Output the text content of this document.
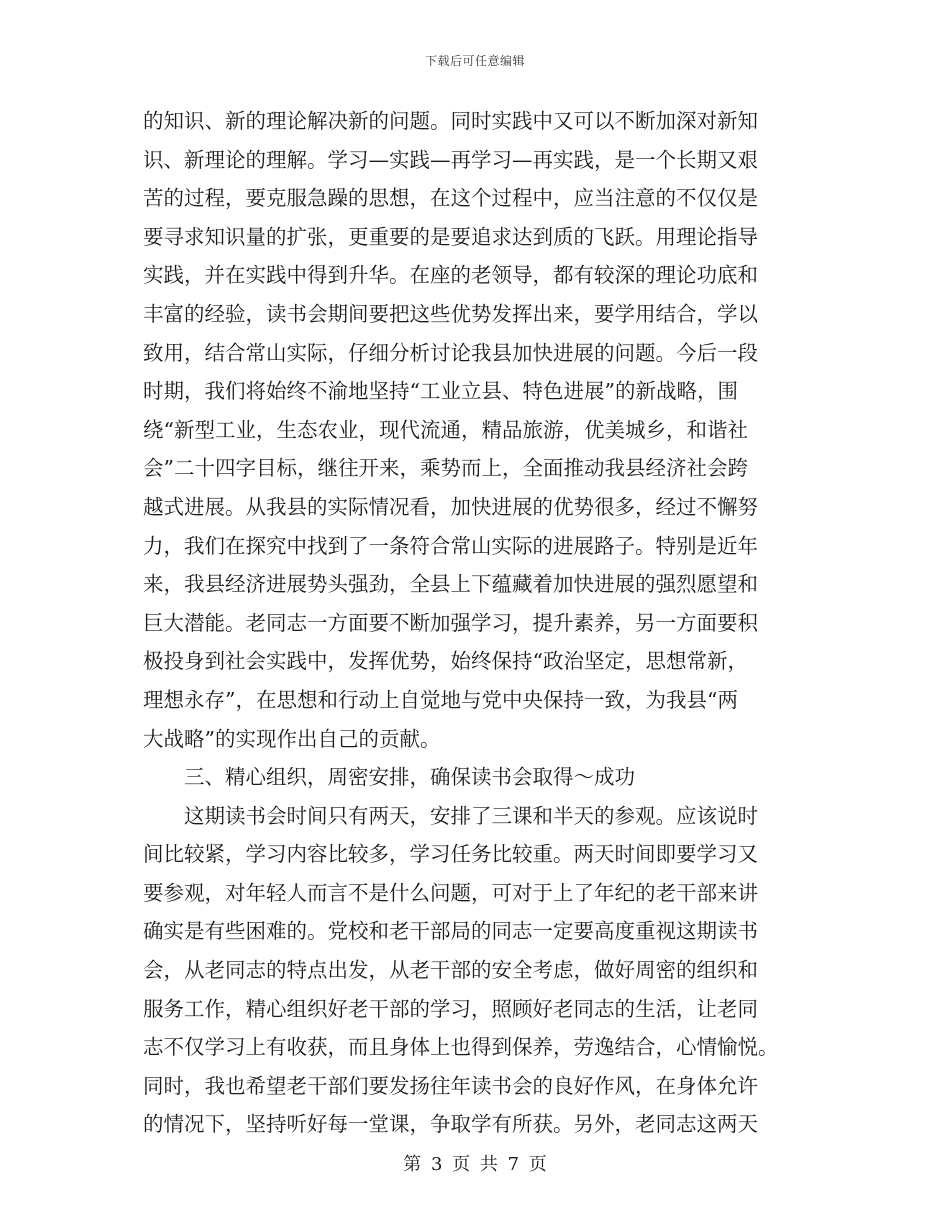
下载后可任意编辑
的知识、新的理论解决新的问题。同时实践中又可以不断加深对新知
识、新理论的理解。学习—实践—再学习—再实践，是一个长期又艰
苦的过程，要克服急躁的思想，在这个过程中，应当注意的不仅仅是
要寻求知识量的扩张，更重要的是要追求达到质的飞跃。用理论指导
实践，并在实践中得到升华。在座的老领导，都有较深的理论功底和
丰富的经验，读书会期间要把这些优势发挥出来，要学用结合，学以
致用，结合常山实际，仔细分析讨论我县加快进展的问题。今后一段
时期，我们将始终不渝地坚持“工业立县、特色进展”的新战略，围
绕“新型工业，生态农业，现代流通，精品旅游，优美城乡，和谐社
会”二十四字目标，继往开来，乘势而上，全面推动我县经济社会跨
越式进展。从我县的实际情况看，加快进展的优势很多，经过不懈努
力，我们在探究中找到了一条符合常山实际的进展路子。特别是近年
来，我县经济进展势头强劲，全县上下蕴藏着加快进展的强烈愿望和
巨大潜能。老同志一方面要不断加强学习，提升素养，另一方面要积
极投身到社会实践中，发挥优势，始终保持“政治坚定，思想常新，
理想永存”，在思想和行动上自觉地与党中央保持一致，为我县“两
大战略”的实现作出自己的贡献。
三、精心组织，周密安排，确保读书会取得～成功
这期读书会时间只有两天，安排了三课和半天的参观。应该说时
间比较紧，学习内容比较多，学习任务比较重。两天时间即要学习又
要参观，对年轻人而言不是什么问题，可对于上了年纪的老干部来讲
确实是有些困难的。党校和老干部局的同志一定要高度重视这期读书
会，从老同志的特点出发，从老干部的安全考虑，做好周密的组织和
服务工作，精心组织好老干部的学习，照顾好老同志的生活，让老同
志不仅学习上有收获，而且身体上也得到保养，劳逸结合，心情愉悦。
同时，我也希望老干部们要发扬往年读书会的良好作风，在身体允许
的情况下，坚持听好每一堂课，争取学有所获。另外，老同志这两天
第 3 页 共 7 页
